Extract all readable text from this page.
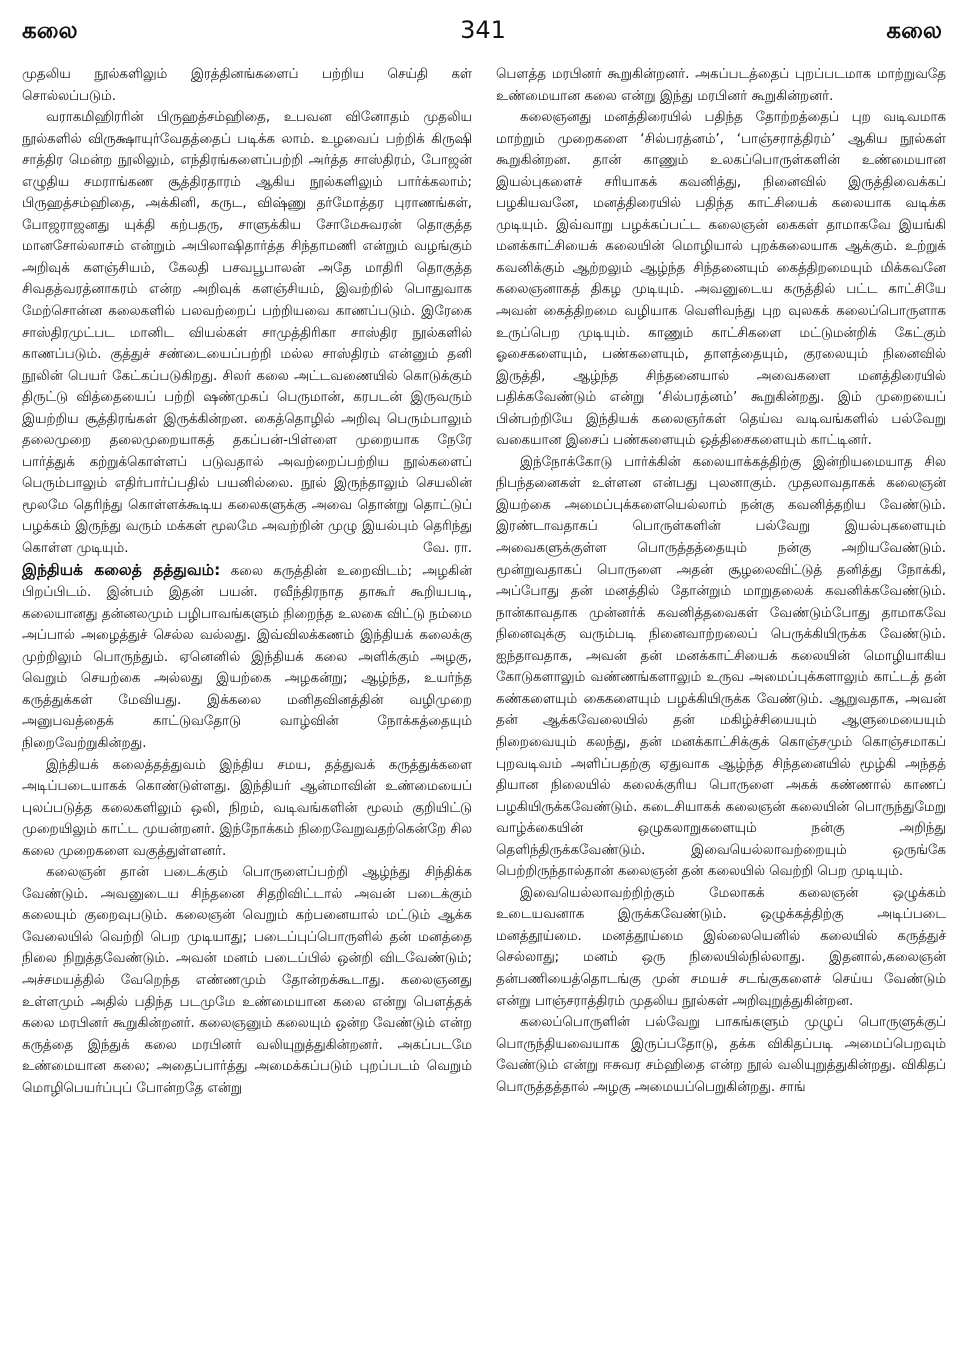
கலை	341	கலை

முதலிய நூல்களிலும் இரத்தினங்களைப் பற்றிய செய்தி கள் சொல்லப்படும்.

வராகமிஹிரரின் பிருஹத்சம்ஹிதை, உபவன வினோதம் முதலிய நூல்களில் விருக்ஷாயுர்வேதத்தைப் படிக்க லாம். உழவைப் பற்றிக் கிருஷி சாத்திர மென்ற நூலிலும், எந்திரங்களைப்பற்றி அர்த்த சாஸ்திரம், போஜன் எழுதிய சமராங்கண சூத்திரதாரம் ஆகிய நூல்களிலும் பார்க்கலாம்; பிருஹத்சம்ஹிதை, அக்கினி, கருட, விஷ்ணு தர்மோத்தர புராணங்கள், போஜராஜனது யுக்தி கற்பதரு, சாளுக்கிய சோமேசுவரன் தொகுத்த மானசோல்லாசம் என்றும் அபிலாஷிதார்த்த சிந்தாமணி என்றும் வழங்கும் அறிவுக் களஞ்சியம், கேலதி பசவபூபாலன் அதே மாதிரி தொகுத்த சிவதத்வரத்னாகரம் என்ற அறிவுக் களஞ்சியம், இவற்றில் பொதுவாக மேற்சொன்ன கலைகளில் பலவற்றைப் பற்றியவை காணப்படும். இரேகை சாஸ்திரமுட்பட மானிட வியல்கள் சாமுத்திரிகா சாஸ்திர நூல்களில் காணப்படும். குத்துச் சண்டையைப்பற்றி மல்ல சாஸ்திரம் என்னும் தனி நூலின் பெயர் கேட்கப்படுகிறது. சிலர் கலை அட்டவணையில் கொடுக்கும் திருட்டு வித்தையைப் பற்றி ஷண்முகப் பெருமான், கரபடன் இருவரும் இயற்றிய சூத்திரங்கள் இருக்கின்றன. கைத்தொழில் அறிவு பெரும்பாலும் தலைமுறை தலைமுறையாகத் தகப்பன்-பிள்ளை முறையாக நேரே பார்த்துக் கற்றுக்கொள்ளப் படுவதால் அவற்றைப்பற்றிய நூல்களைப் பெரும்பாலும் எதிர்பார்ப்பதில் பயனில்லை. நூல் இருந்தாலும் செயலின் மூலமே தெரிந்து கொள்ளக்கூடிய கலைகளுக்கு அவை தொன்று தொட்டுப் பழக்கம் இருந்து வரும் மக்கள் மூலமே அவற்றின் முழு இயல்பும் தெரிந்து கொள்ள முடியும்.	வே. ரா.

இந்தியக் கலைத் தத்துவம்: கலை கருத்தின் உறைவிடம்; அழகின் பிறப்பிடம். இன்பம் இதன் பயன். ரவீந்திரநாத தாகூர் கூறியபடி, கலையானது தன்னலமும் பழிபாவங்களும் நிறைந்த உலகை விட்டு நம்மை அப்பால் அழைத்துச் செல்ல வல்லது. இவ்விலக்கணம் இந்தியக் கலைக்கு முற்றிலும் பொருந்தும். ஏனெனில் இந்தியக் கலை அளிக்கும் அழகு, வெறும் செயற்கை அல்லது இயற்கை அழகன்று; ஆழ்ந்த, உயர்ந்த கருத்துக்கள் மேவியது. இக்கலை மனிதவினத்தின் வழிமுறை அனுபவத்தைக் காட்டுவதோடு வாழ்வின் நோக்கத்தையும் நிறைவேற்றுகின்றது.

இந்தியக் கலைத்தத்துவம் இந்திய சமய, தத்துவக் கருத்துக்களை அடிப்படையாகக் கொண்டுள்ளது. இந்தியர் ஆன்மாவின் உண்மையைப் புலப்படுத்த கலைகளிலும் ஒலி, நிறம், வடிவங்களின் மூலம் குறியிட்டு முறையிலும் காட்ட முயன்றனர். இந்நோக்கம் நிறைவேறுவதற்கென்றே சில கலை முறைகளை வகுத்துள்ளனர்.

கலைஞன் தான் படைக்கும் பொருளைப்பற்றி ஆழ்ந்து சிந்திக்க வேண்டும். அவனுடைய சிந்தனை சிதறிவிட்டால் அவன் படைக்கும் கலையும் குறைவுபடும். கலைஞன் வெறும் கற்பனையால் மட்டும் ஆக்க வேலையில் வெற்றி பெற முடியாது; படைப்புப்பொருளில் தன் மனத்தை நிலை நிறுத்தவேண்டும். அவன் மனம் படைப்பில் ஒன்றி விடவேண்டும்; அச்சமயத்தில் வேறெந்த எண்ணமும் தோன்றக்கூடாது. கலைஞனது உள்ளமும் அதில் பதிந்த படமுமே உண்மையான கலை என்று பௌத்தக் கலை மரபினர் கூறுகின்றனர். கலைஞனும் கலையும் ஒன்ற வேண்டும் என்ற கருத்தை இந்துக் கலை மரபினர் வலியுறுத்துகின்றனர். அகப்படமே உண்மையான கலை; அதைப்பார்த்து அமைக்கப்படும் புறப்படம் வெறும் மொழிபெயர்ப்புப் போன்றதே என்று

பௌத்த மரபினர் கூறுகின்றனர். அகப்படத்தைப் புறப்படமாக மாற்றுவதே உண்மையான கலை என்று இந்து மரபினர் கூறுகின்றனர்.

கலைஞனது மனத்திரையில் பதிந்த தோற்றத்தைப் புற வடிவமாக மாற்றும் முறைகளை ‘சில்பரத்னம்’, ‘பாஞ்சராத்திரம்’ ஆகிய நூல்கள் கூறுகின்றன. தான் காணும் உலகப்பொருள்களின் உண்மையான இயல்புகளைச் சரியாகக் கவனித்து, நினைவில் இருத்திவைக்கப் பழகியவனே, மனத்திரையில் பதிந்த காட்சியைக் கலையாக வடிக்க முடியும். இவ்வாறு பழக்கப்பட்ட கலைஞன் கைகள் தாமாகவே இயங்கி மனக்காட்சியைக் கலையின் மொழியால் புறக்கலையாக ஆக்கும். உற்றுக் கவனிக்கும் ஆற்றலும் ஆழ்ந்த சிந்தனையும் கைத்திறமையும் மிக்கவனே கலைஞனாகத் திகழ முடியும். அவனுடைய கருத்தில் பட்ட காட்சியே அவன் கைத்திறமை வழியாக வெளிவந்து புற வுலகக் கலைப்பொருளாக உருப்பெற முடியும். காணும் காட்சிகளை மட்டுமன்றிக் கேட்கும் ஓசைகளையும், பண்களையும், தாளத்தையும், குரலையும் நினைவில் இருத்தி, ஆழ்ந்த சிந்தனையால் அவைகளை மனத்திரையில் பதிக்கவேண்டும் என்று ‘சில்பரத்னம்’ கூறுகின்றது. இம் முறையைப் பின்பற்றியே இந்தியக் கலைஞர்கள் தெய்வ வடிவங்களில் பல்வேறு வகையான இசைப் பண்களையும் ஒத்திசைகளையும் காட்டினர்.

இந்நோக்கோடு பார்க்கின் கலையாக்கத்திற்கு இன்றியமையாத சில நிபந்தனைகள் உள்ளன என்பது புலனாகும். முதலாவதாகக் கலைஞன் இயற்கை அமைப்புக்களையெல்லாம் நன்கு கவனித்தறிய வேண்டும். இரண்டாவதாகப் பொருள்களின் பல்வேறு இயல்புகளையும் அவைகளுக்குள்ள பொருத்தத்தையும் நன்கு அறியவேண்டும். மூன்றுவதாகப் பொருளை அதன் சூழலைவிட்டுத் தனித்து நோக்கி, அப்போது தன் மனத்தில் தோன்றும் மாறுதலைக் கவனிக்கவேண்டும். நான்காவதாக முன்னர்க் கவனித்தவைகள் வேண்டும்போது தாமாகவே நினைவுக்கு வரும்படி நினைவாற்றலைப் பெருக்கியிருக்க வேண்டும். ஐந்தாவதாக, அவன் தன் மனக்காட்சியைக் கலையின் மொழியாகிய கோடுகளாலும் வண்ணங்களாலும் உருவ அமைப்புக்களாலும் காட்டத் தன் கண்களையும் கைகளையும் பழக்கியிருக்க வேண்டும். ஆறுவதாக, அவன் தன் ஆக்கவேலையில் தன் மகிழ்ச்சியையும் ஆளுமையையும் நிறைவையும் கலந்து, தன் மனக்காட்சிக்குக் கொஞ்சமும் கொஞ்சமாகப் புறவடிவம் அளிப்பதற்கு ஏதுவாக ஆழ்ந்த சிந்தனையில் மூழ்கி அந்தத் தியான நிலையில் கலைக்குரிய பொருளை அகக் கண்ணால் காணப் பழகியிருக்கவேண்டும். கடைசியாகக் கலைஞன் கலையின் பொருந்துமேறு வாழ்க்கையின் ஒழுகலாறுகளையும் நன்கு அறிந்து தெளிந்திருக்கவேண்டும். இவையெல்லாவற்றையும் ஒருங்கே பெற்றிருந்தால்தான் கலைஞன் தன் கலையில் வெற்றி பெற முடியும்.

இவையெல்லாவற்றிற்கும் மேலாகக் கலைஞன் ஒழுக்கம் உடையவனாக இருக்கவேண்டும். ஒழுக்கத்திற்கு அடிப்படை மனத்தூய்மை. மனத்தூய்மை இல்லையெனில் கலையில் கருத்துச் செல்லாது; மனம் ஒரு நிலையில்நில்லாது. இதனால்,கலைஞன் தன்பணியைத்தொடங்கு முன் சமயச் சடங்குகளைச் செய்ய வேண்டும் என்று பாஞ்சராத்திரம் முதலிய நூல்கள் அறிவுறுத்துகின்றன.

கலைப்பொருளின் பல்வேறு பாகங்களும் முழுப் பொருளுக்குப் பொருந்தியவையாக இருப்பதோடு, தக்க விகிதப்படி அமைப்பெறவும் வேண்டும் என்று ஈசுவர சம்ஹிதை என்ற நூல் வலியுறுத்துகின்றது. விகிதப் பொருத்தத்தால் அழகு அமையப்பெறுகின்றது. சாங்
